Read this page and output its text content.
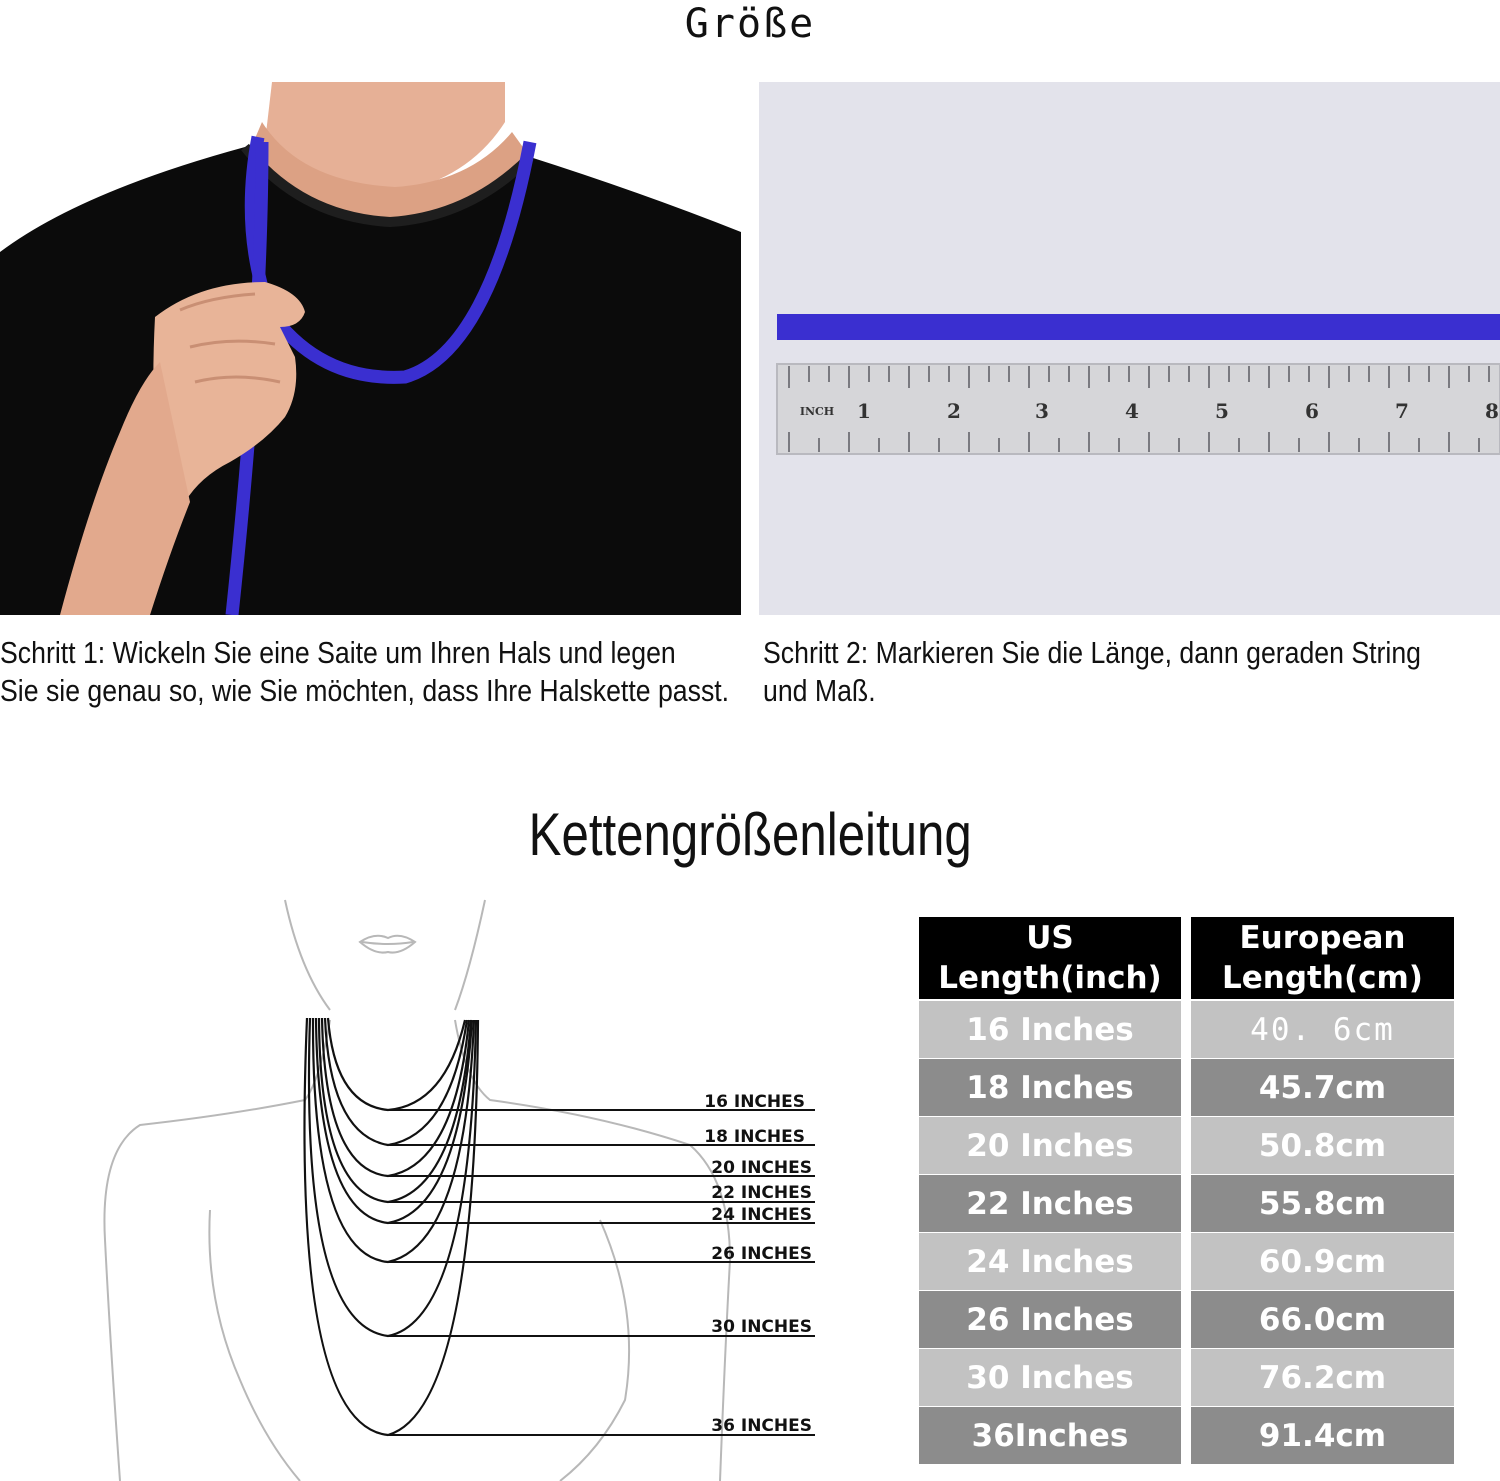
Größe
INCH 1	2	3	4	5	6	7	8
Schritt 1: Wickeln Sie eine Saite um Ihren Hals und legen
Sie sie genau so, wie Sie möchten, dass Ihre Halskette passt.
Schritt 2: Markieren Sie die Länge, dann geraden String
und Maß.
Kettengrößenleitung
16 INCHES
18 INCHES
20 INCHES
22 INCHES
24 INCHES
26 INCHES
30 INCHES
36 INCHES
US
Length(inch)
European
Length(cm)
16 Inches	40. 6cm
18 Inches	45.7cm
20 Inches	50.8cm
22 Inches	55.8cm
24 Inches	60.9cm
26 Inches	66.0cm
30 Inches	76.2cm
36Inches	91.4cm
